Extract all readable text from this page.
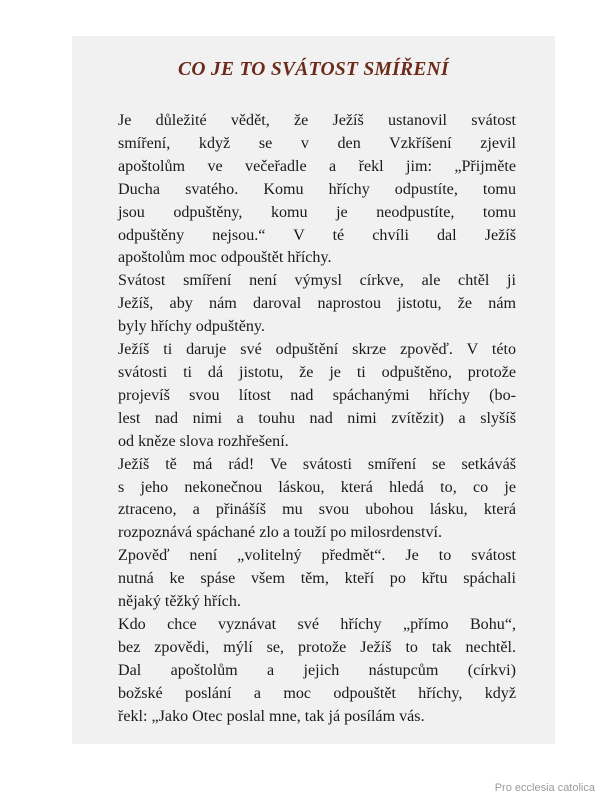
CO JE TO SVÁTOST SMÍŘENÍ
Je důležité vědět, že Ježíš ustanovil svátost
smíření, když se v den Vzkříšení zjevil
apoštolům ve večeřadle a řekl jim: „Přijměte
Ducha svatého. Komu hříchy odpustíte, tomu
jsou odpuštěny, komu je neodpustíte, tomu
odpuštěny nejsou.“ V té chvíli dal Ježíš
apoštolům moc odpouštět hříchy.
Svátost smíření není výmysl církve, ale chtěl ji
Ježíš, aby nám daroval naprostou jistotu, že nám
byly hříchy odpuštěny.
Ježíš ti daruje své odpuštění skrze zpověď. V této
svátosti ti dá jistotu, že je ti odpuštěno, protože
projevíš svou lítost nad spáchanými hříchy (bo-
lest nad nimi a touhu nad nimi zvítězit) a slyšíš
od kněze slova rozhřešení.
Ježíš tě má rád! Ve svátosti smíření se setkáváš
s jeho nekonečnou láskou, která hledá to, co je
ztraceno, a přinášíš mu svou ubohou lásku, která
rozpoznává spáchané zlo a touží po milosrdenství.
Zpověď není „volitelný předmět“. Je to svátost
nutná ke spáse všem těm, kteří po křtu spáchali
nějaký těžký hřích.
Kdo chce vyznávat své hříchy „přímo Bohu“,
bez zpovědi, mýlí se, protože Ježíš to tak nechtěl.
Dal apoštolům a jejich nástupcům (církvi)
božské poslání a moc odpouštět hříchy, když
řekl: „Jako Otec poslal mne, tak já posílám vás.
Pro ecclesia catolica
